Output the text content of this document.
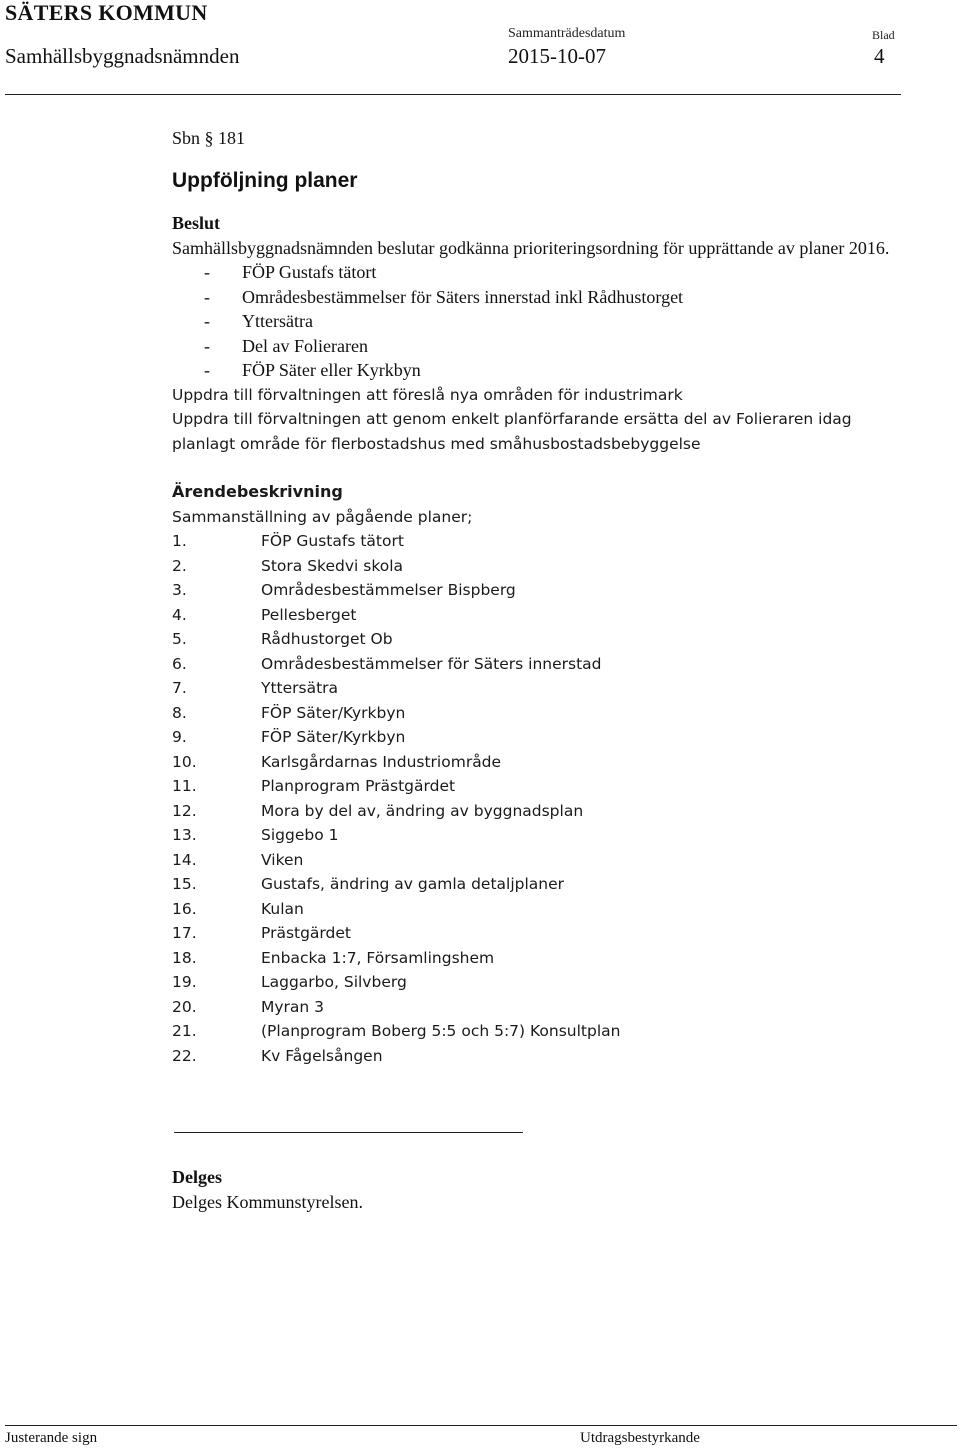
SÄTERS KOMMUN
Samhällsbyggnadsnämnden
Sammanträdesdatum
2015-10-07
Blad
4
Sbn § 181
Uppföljning planer
Beslut
Samhällsbyggnadsnämnden beslutar godkänna prioriteringsordning för upprättande av planer 2016.
- FÖP Gustafs tätort
- Områdesbestämmelser för Säters innerstad inkl Rådhustorget
- Yttersätra
- Del av Folieraren
- FÖP Säter eller Kyrkbyn
Uppdra till förvaltningen att föreslå nya områden för industrimark
Uppdra till förvaltningen att genom enkelt planförfarande ersätta del av Folieraren idag planlagt område för flerbostadshus med småhusbostadsbebyggelse
Ärendebeskrivning
Sammanställning av pågående planer;
1.	FÖP Gustafs tätort
2.	Stora Skedvi skola
3.	Områdesbestämmelser Bispberg
4.	Pellesberget
5.	Rådhustorget Ob
6.	Områdesbestämmelser för Säters innerstad
7.	Yttersätra
8.	FÖP Säter/Kyrkbyn
9.	FÖP Säter/Kyrkbyn
10.	Karlsgårdarnas Industriområde
11.	Planprogram Prästgärdet
12.	Mora by del av, ändring av byggnadsplan
13.	Siggebo 1
14.	Viken
15.	Gustafs, ändring av gamla detaljplaner
16.	Kulan
17.	Prästgärdet
18.	Enbacka 1:7, Församlingshem
19.	Laggarbo, Silvberg
20.	Myran 3
21.	(Planprogram Boberg 5:5 och 5:7) Konsultplan
22.	Kv Fågelsången
Delges
Delges Kommunstyrelsen.
Justerande sign	Utdragsbestyrkande
